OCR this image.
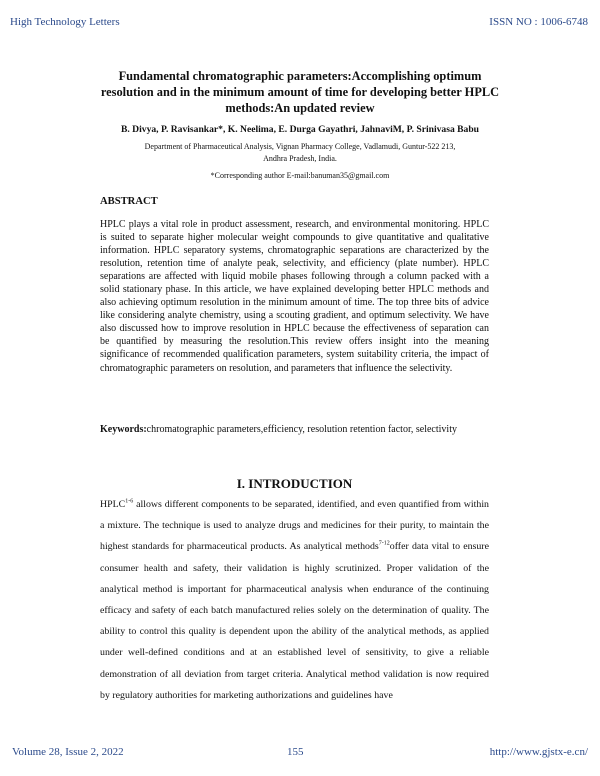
High Technology Letters	ISSN NO : 1006-6748
Fundamental chromatographic parameters:Accomplishing optimum resolution and in the minimum amount of time for developing better HPLC methods:An updated review
B. Divya, P. Ravisankar*, K. Neelima, E. Durga Gayathri, JahnaviM, P. Srinivasa Babu
Department of Pharmaceutical Analysis, Vignan Pharmacy College, Vadlamudi, Guntur-522 213, Andhra Pradesh, India.
*Corresponding author E-mail:banuman35@gmail.com
ABSTRACT
HPLC plays a vital role in product assessment, research, and environmental monitoring. HPLC is suited to separate higher molecular weight compounds to give quantitative and qualitative information. HPLC separatory systems, chromatographic separations are characterized by the resolution, retention time of analyte peak, selectivity, and efficiency (plate number). HPLC separations are affected with liquid mobile phases following through a column packed with a solid stationary phase. In this article, we have explained developing better HPLC methods and also achieving optimum resolution in the minimum amount of time. The top three bits of advice like considering analyte chemistry, using a scouting gradient, and optimum selectivity. We have also discussed how to improve resolution in HPLC because the effectiveness of separation can be quantified by measuring the resolution.This review offers insight into the meaning significance of recommended qualification parameters, system suitability criteria, the impact of chromatographic parameters on resolution, and parameters that influence the selectivity.
Keywords:chromatographic parameters,efficiency, resolution retention factor, selectivity
I. INTRODUCTION
HPLC$^{1-6}$ allows different components to be separated, identified, and even quantified from within a mixture. The technique is used to analyze drugs and medicines for their purity, to maintain the highest standards for pharmaceutical products. As analytical methods$^{7-12}$offer data vital to ensure consumer health and safety, their validation is highly scrutinized. Proper validation of the analytical method is important for pharmaceutical analysis when endurance of the continuing efficacy and safety of each batch manufactured relies solely on the determination of quality. The ability to control this quality is dependent upon the ability of the analytical methods, as applied under well-defined conditions and at an established level of sensitivity, to give a reliable demonstration of all deviation from target criteria. Analytical method validation is now required by regulatory authorities for marketing authorizations and guidelines have
Volume 28, Issue 2, 2022	155	http://www.gjstx-e.cn/
